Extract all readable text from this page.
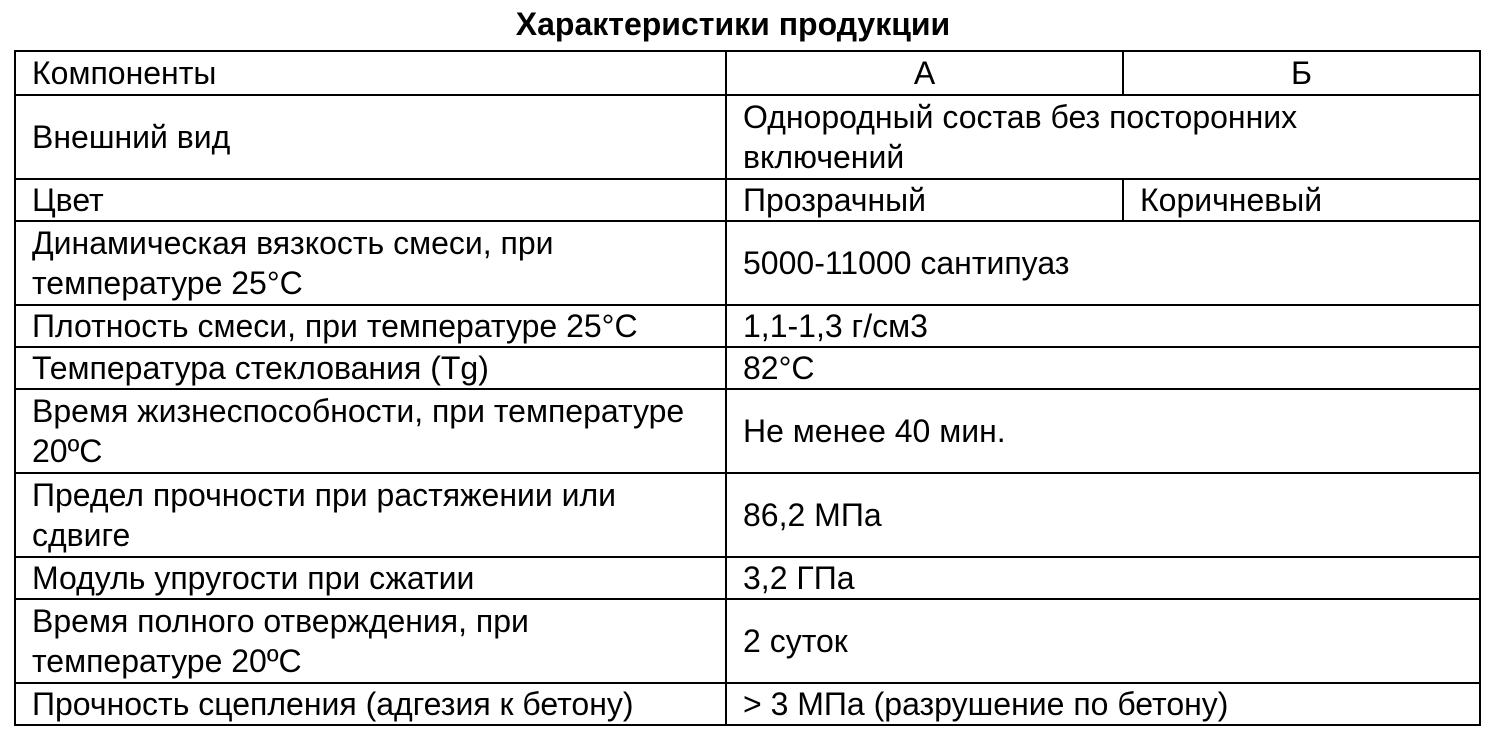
Характеристики продукции
Компоненты	А	Б
Внешний вид	Однородный состав без посторонних включений	
Цвет	Прозрачный	Коричневый
Динамическая вязкость смеси, при температуре 25°С	5000-11000 сантипуаз	
Плотность смеси, при температуре 25°С	1,1-1,3 г/см3	
Температура стеклования (Tg)	82°С	
Время жизнеспособности, при температуре 20ºС	Не менее 40 мин.	
Предел прочности при растяжении или сдвиге	86,2 МПа	
Модуль упругости при сжатии	3,2 ГПа	
Время полного отверждения, при температуре 20ºС	2 суток	
Прочность сцепления (адгезия к бетону)	> 3 МПа (разрушение по бетону)	
